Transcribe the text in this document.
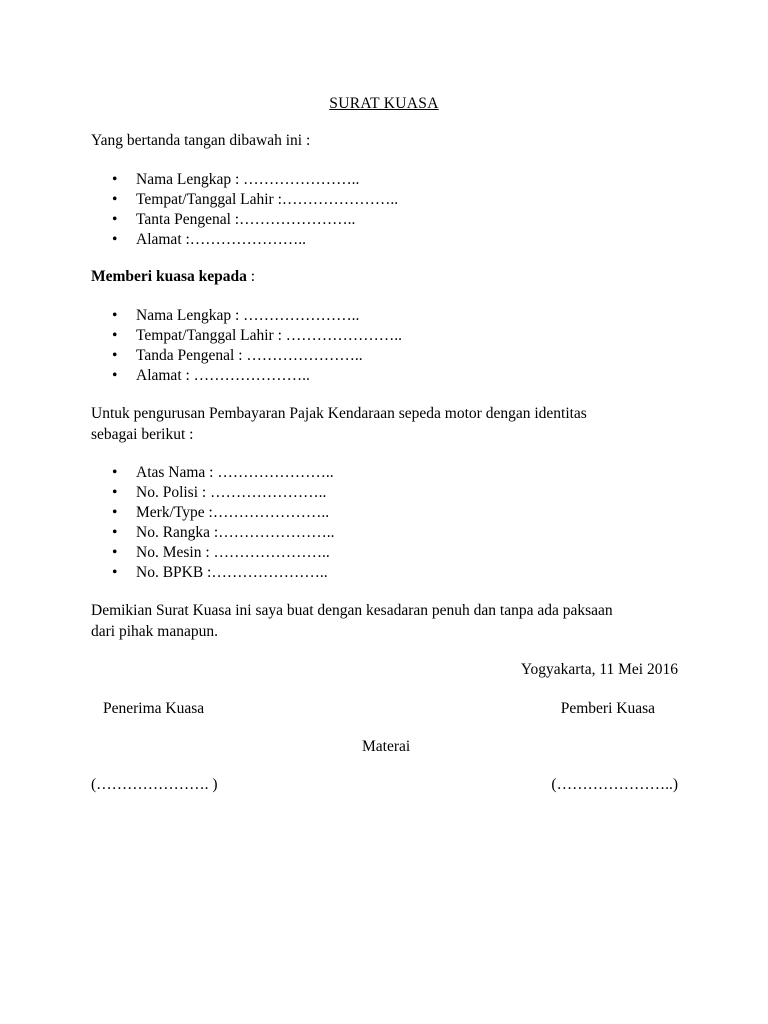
SURAT KUASA

Yang bertanda tangan dibawah ini :

• Nama Lengkap : …………………..
• Tempat/Tanggal Lahir :…………………..
• Tanta Pengenal :…………………..
• Alamat :…………………..

Memberi kuasa kepada :

• Nama Lengkap : …………………..
• Tempat/Tanggal Lahir : …………………..
• Tanda Pengenal : …………………..
• Alamat : …………………..

Untuk pengurusan Pembayaran Pajak Kendaraan sepeda motor dengan identitas

sebagai berikut :

• Atas Nama : …………………..
• No. Polisi : …………………..
• Merk/Type :…………………..
• No. Rangka :…………………..
• No. Mesin : …………………..
• No. BPKB :…………………..

Demikian Surat Kuasa ini saya buat dengan kesadaran penuh dan tanpa ada paksaan

dari pihak manapun.

Yogyakarta, 11 Mei 2016
Penerima Kuasa	Pemberi Kuasa
Materai
(…………………. )	(…………………..)
